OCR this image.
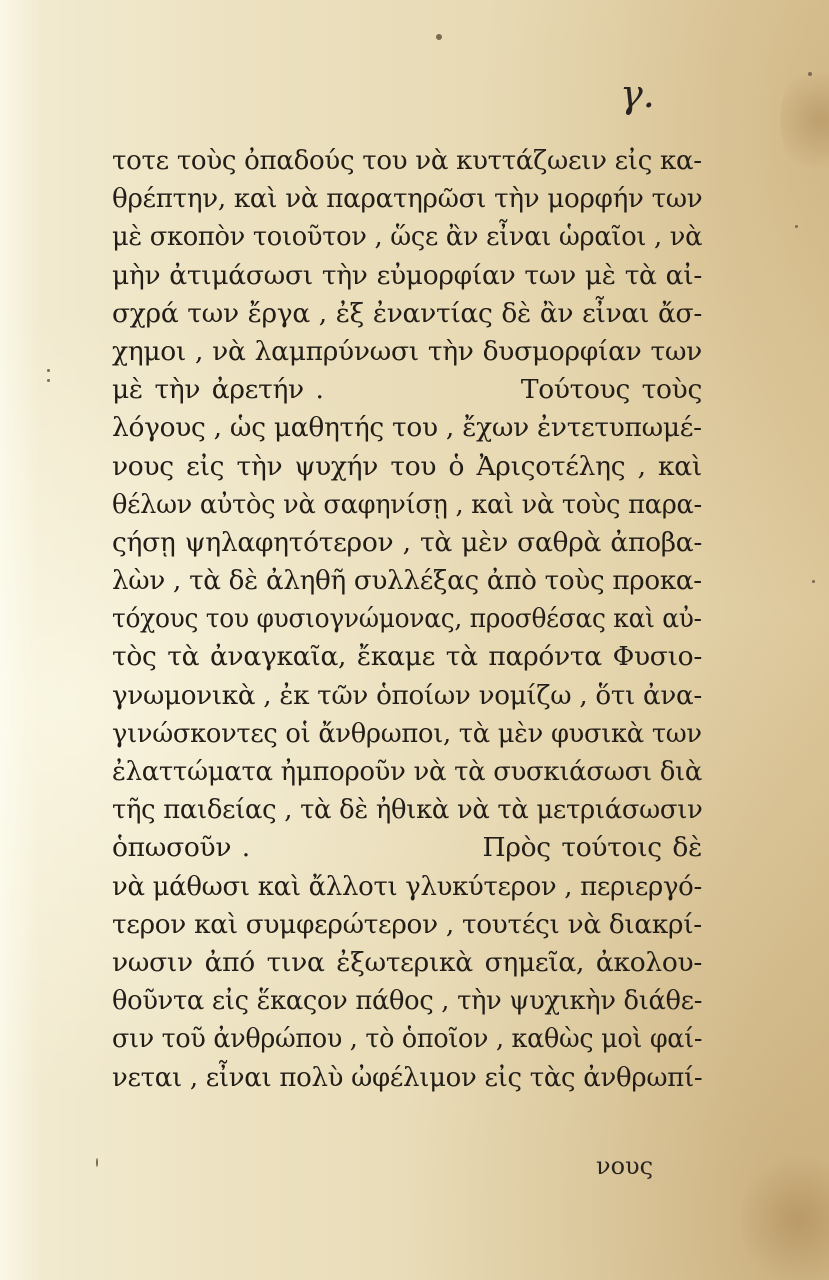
γ.
τοτε τοὺς ὀπαδούς του νὰ κυττάζωειν εἰς κα-
θρέπτην, καὶ νὰ παρατηρῶσι τὴν μορφήν των
μὲ σκοπὸν τοιοῦτον , ὥςε ἂν εἶναι ὡραῖοι , νὰ
μὴν ἀτιμάσωσι τὴν εὐμορφίαν των μὲ τὰ αἰ-
σχρά των ἔργα , ἐξ ἐναντίας δὲ ἂν εἶναι ἄσ-
χημοι , νὰ λαμπρύνωσι τὴν δυσμορφίαν των
μὲ τὴν ἀρετήν .                 Τούτους τοὺς
λόγους , ὡς μαθητής του , ἔχων ἐντετυπωμέ-
νους εἰς τὴν ψυχήν του ὁ Ἀριςοτέλης , καὶ
θέλων αὐτὸς νὰ σαφηνίσῃ , καὶ νὰ τοὺς παρα-
ςήσῃ ψηλαφητότερον , τὰ μὲν σαθρὰ ἀποβα-
λὼν , τὰ δὲ ἀληθῆ συλλέξας ἀπὸ τοὺς προκα-
τόχους του φυσιογνώμονας, προσθέσας καὶ αὐ-
τὸς τὰ ἀναγκαῖα, ἔκαμε τὰ παρόντα Φυσιο-
γνωμονικὰ , ἐκ τῶν ὁποίων νομίζω , ὅτι ἀνα-
γινώσκοντες οἱ ἄνθρωποι, τὰ μὲν φυσικὰ των
ἐλαττώματα ἠμποροῦν νὰ τὰ συσκιάσωσι διὰ
τῆς παιδείας , τὰ δὲ ἠθικὰ νὰ τὰ μετριάσωσιν
ὁπωσοῦν .                      Πρὸς τούτοις δὲ
νὰ μάθωσι καὶ ἄλλοτι γλυκύτερον , περιεργό-
τερον καὶ συμφερώτερον , τουτέςι νὰ διακρί-
νωσιν ἀπό τινα ἐξωτερικὰ σημεῖα, ἀκολου-
θοῦντα εἰς ἕκαςον πάθος , τὴν ψυχικὴν διάθε-
σιν τοῦ ἀνθρώπου , τὸ ὁποῖον , καθὼς μοὶ φαί-
νεται , εἶναι πολὺ ὠφέλιμον εἰς τὰς ἀνθρωπί-
νους
